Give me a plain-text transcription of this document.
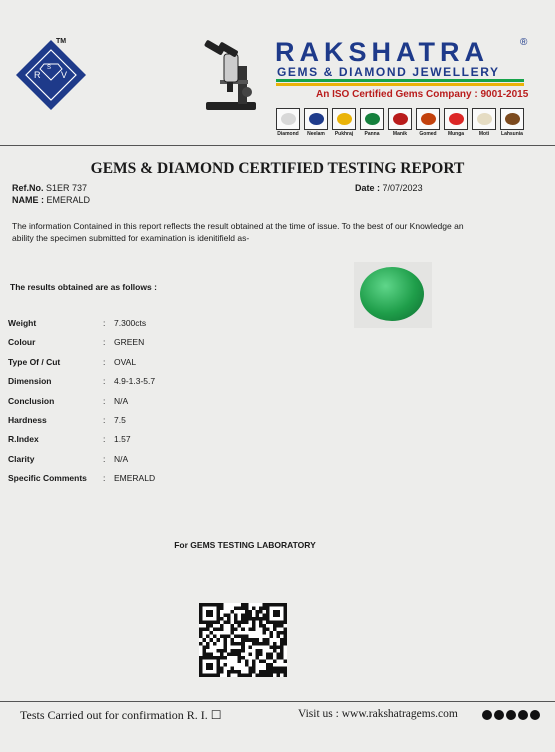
S
R V
TM	RAKSHATRA	®
GEMS & DIAMOND JEWELLERY
An ISO Certified Gems Company : 9001-2015
Diamond	Neelam	Pukhraj	Panna	Manik	Gomed	Munga	Moti	Lahsunia
GEMS & DIAMOND CERTIFIED TESTING REPORT
Ref.No. S1ER 737	Date : 7/07/2023
NAME : EMERALD
The information Contained in this report reflects the result obtained at the time of issue. To the best of our Knowledge an ability the specimen submitted for examination is idenitifield as-
The results obtained are as follows :
Weight	: 7.300cts
Colour	: GREEN
Type Of / Cut	: OVAL
Dimension	: 4.9-1.3-5.7
Conclusion	: N/A
Hardness	: 7.5
R.Index	: 1.57
Clarity	: N/A
Specific Comments : EMERALD
For GEMS TESTING LABORATORY
Tests Carried out for confirmation R. I. ☐	Visit us : www.rakshatragems.com
